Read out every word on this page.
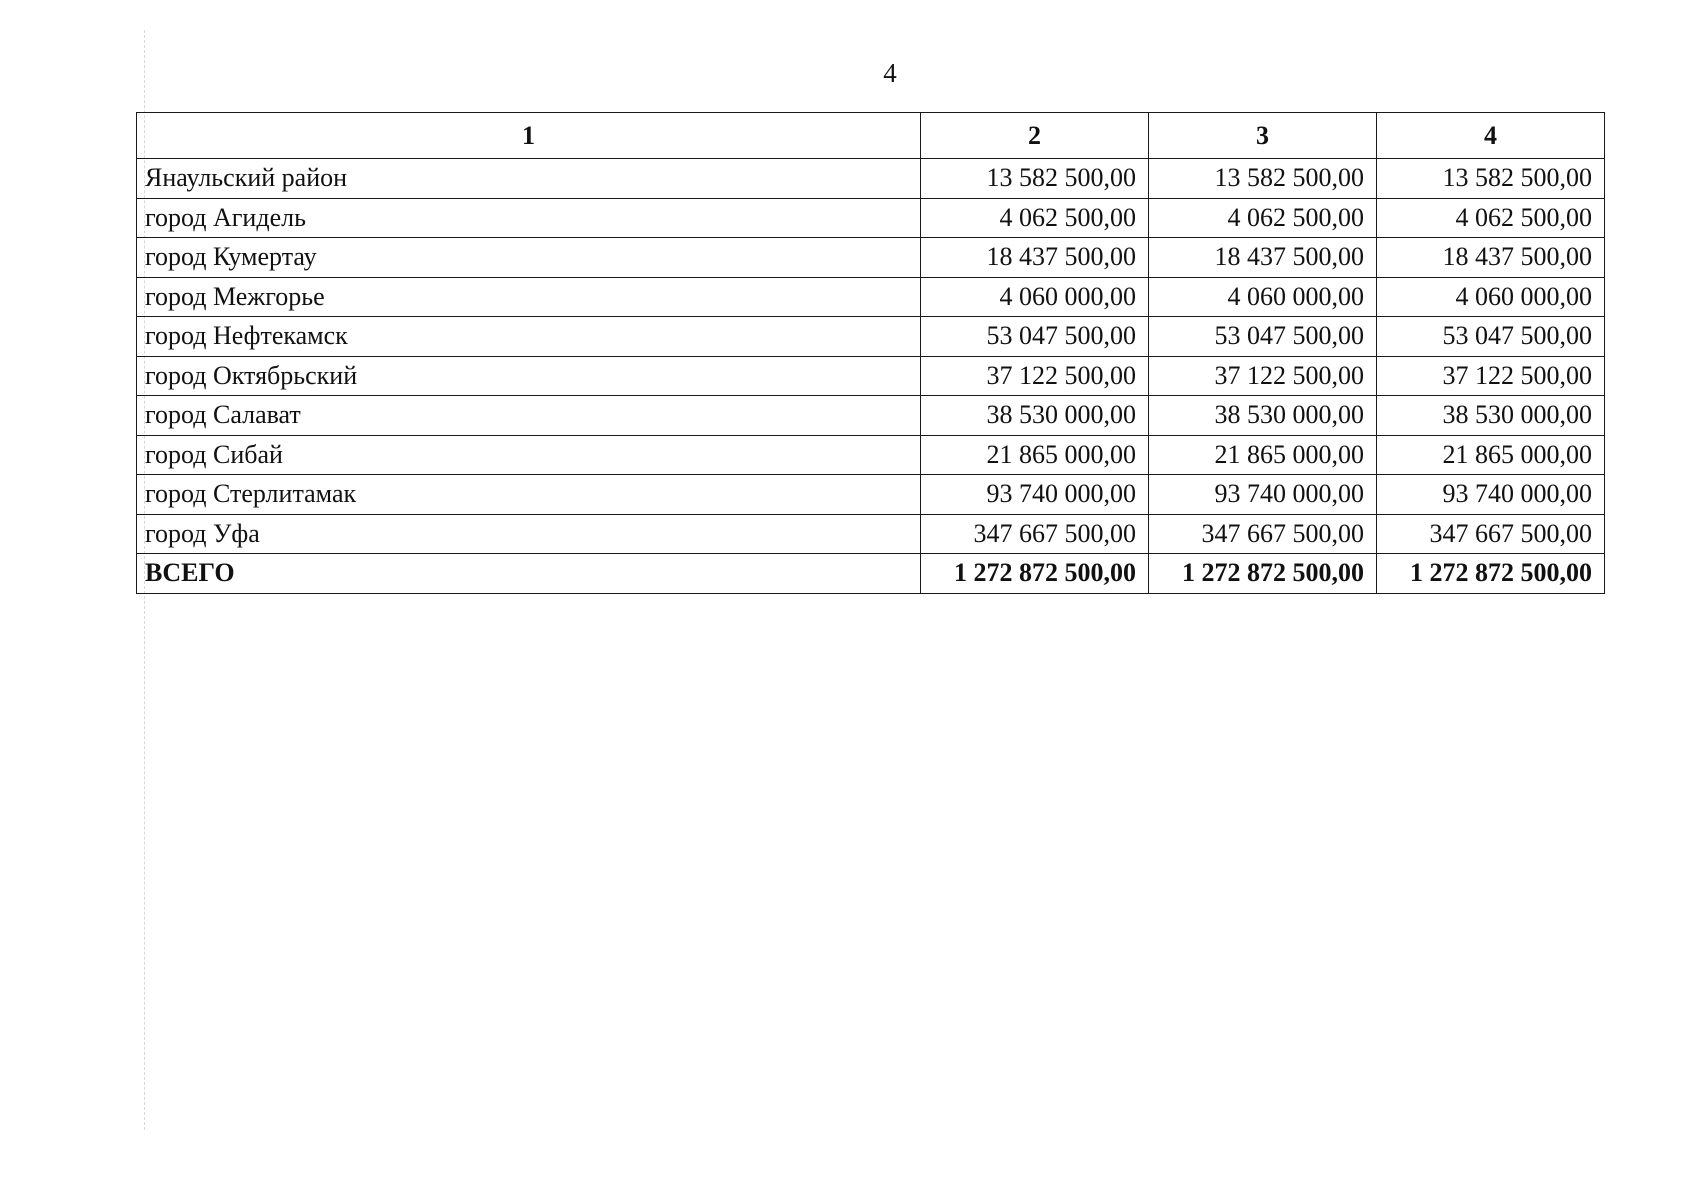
4
1	2	3	4
Янаульский район	13 582 500,00	13 582 500,00	13 582 500,00
город Агидель	4 062 500,00	4 062 500,00	4 062 500,00
город Кумертау	18 437 500,00	18 437 500,00	18 437 500,00
город Межгорье	4 060 000,00	4 060 000,00	4 060 000,00
город Нефтекамск	53 047 500,00	53 047 500,00	53 047 500,00
город Октябрьский	37 122 500,00	37 122 500,00	37 122 500,00
город Салават	38 530 000,00	38 530 000,00	38 530 000,00
город Сибай	21 865 000,00	21 865 000,00	21 865 000,00
город Стерлитамак	93 740 000,00	93 740 000,00	93 740 000,00
город Уфа	347 667 500,00	347 667 500,00	347 667 500,00
ВСЕГО	1 272 872 500,00	1 272 872 500,00	1 272 872 500,00
